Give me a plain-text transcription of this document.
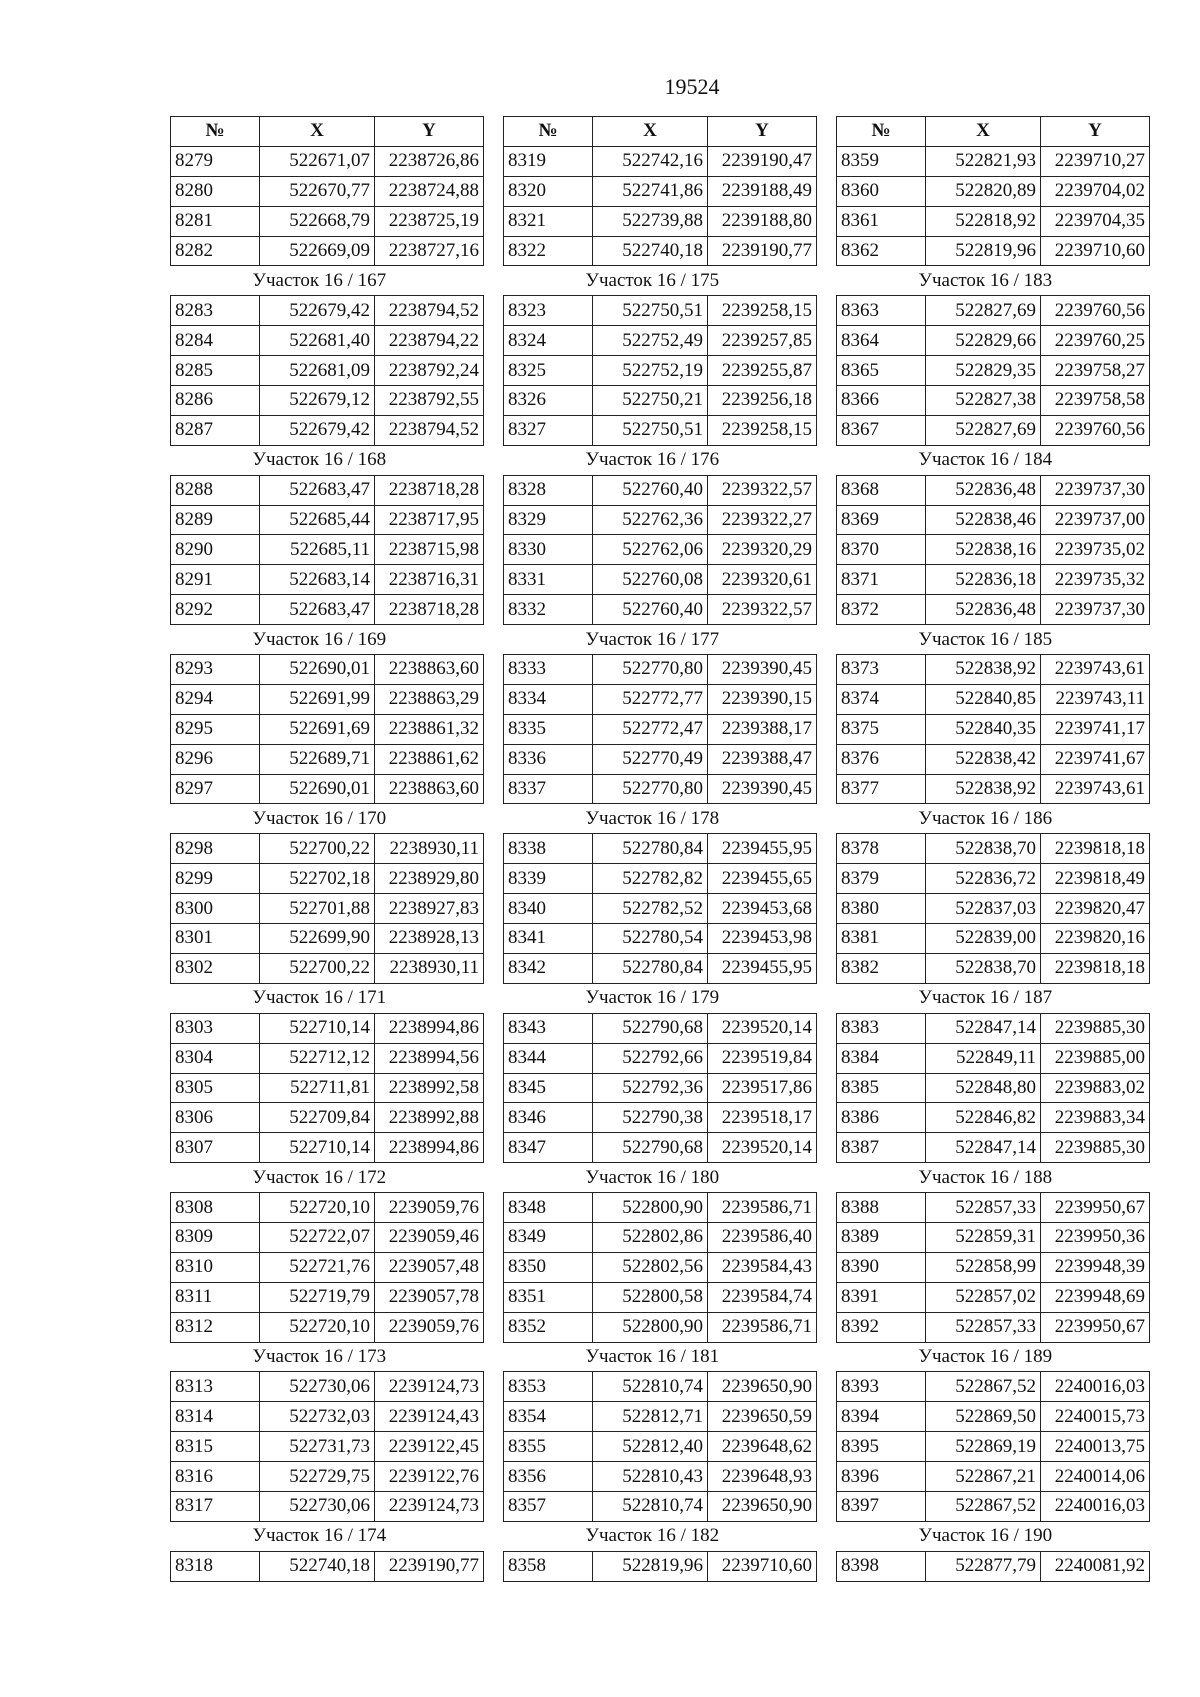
19524
№	X	Y
8279	522671,07	2238726,86
8280	522670,77	2238724,88
8281	522668,79	2238725,19
8282	522669,09	2238727,16
Участок 16 / 167		
8283	522679,42	2238794,52
8284	522681,40	2238794,22
8285	522681,09	2238792,24
8286	522679,12	2238792,55
8287	522679,42	2238794,52
Участок 16 / 168		
8288	522683,47	2238718,28
8289	522685,44	2238717,95
8290	522685,11	2238715,98
8291	522683,14	2238716,31
8292	522683,47	2238718,28
Участок 16 / 169		
8293	522690,01	2238863,60
8294	522691,99	2238863,29
8295	522691,69	2238861,32
8296	522689,71	2238861,62
8297	522690,01	2238863,60
Участок 16 / 170		
8298	522700,22	2238930,11
8299	522702,18	2238929,80
8300	522701,88	2238927,83
8301	522699,90	2238928,13
8302	522700,22	2238930,11
Участок 16 / 171		
8303	522710,14	2238994,86
8304	522712,12	2238994,56
8305	522711,81	2238992,58
8306	522709,84	2238992,88
8307	522710,14	2238994,86
Участок 16 / 172		
8308	522720,10	2239059,76
8309	522722,07	2239059,46
8310	522721,76	2239057,48
8311	522719,79	2239057,78
8312	522720,10	2239059,76
Участок 16 / 173		
8313	522730,06	2239124,73
8314	522732,03	2239124,43
8315	522731,73	2239122,45
8316	522729,75	2239122,76
8317	522730,06	2239124,73
Участок 16 / 174		
8318	522740,18	2239190,77
№	X	Y
8319	522742,16	2239190,47
8320	522741,86	2239188,49
8321	522739,88	2239188,80
8322	522740,18	2239190,77
Участок 16 / 175		
8323	522750,51	2239258,15
8324	522752,49	2239257,85
8325	522752,19	2239255,87
8326	522750,21	2239256,18
8327	522750,51	2239258,15
Участок 16 / 176		
8328	522760,40	2239322,57
8329	522762,36	2239322,27
8330	522762,06	2239320,29
8331	522760,08	2239320,61
8332	522760,40	2239322,57
Участок 16 / 177		
8333	522770,80	2239390,45
8334	522772,77	2239390,15
8335	522772,47	2239388,17
8336	522770,49	2239388,47
8337	522770,80	2239390,45
Участок 16 / 178		
8338	522780,84	2239455,95
8339	522782,82	2239455,65
8340	522782,52	2239453,68
8341	522780,54	2239453,98
8342	522780,84	2239455,95
Участок 16 / 179		
8343	522790,68	2239520,14
8344	522792,66	2239519,84
8345	522792,36	2239517,86
8346	522790,38	2239518,17
8347	522790,68	2239520,14
Участок 16 / 180		
8348	522800,90	2239586,71
8349	522802,86	2239586,40
8350	522802,56	2239584,43
8351	522800,58	2239584,74
8352	522800,90	2239586,71
Участок 16 / 181		
8353	522810,74	2239650,90
8354	522812,71	2239650,59
8355	522812,40	2239648,62
8356	522810,43	2239648,93
8357	522810,74	2239650,90
Участок 16 / 182		
8358	522819,96	2239710,60
№	X	Y
8359	522821,93	2239710,27
8360	522820,89	2239704,02
8361	522818,92	2239704,35
8362	522819,96	2239710,60
Участок 16 / 183		
8363	522827,69	2239760,56
8364	522829,66	2239760,25
8365	522829,35	2239758,27
8366	522827,38	2239758,58
8367	522827,69	2239760,56
Участок 16 / 184		
8368	522836,48	2239737,30
8369	522838,46	2239737,00
8370	522838,16	2239735,02
8371	522836,18	2239735,32
8372	522836,48	2239737,30
Участок 16 / 185		
8373	522838,92	2239743,61
8374	522840,85	2239743,11
8375	522840,35	2239741,17
8376	522838,42	2239741,67
8377	522838,92	2239743,61
Участок 16 / 186		
8378	522838,70	2239818,18
8379	522836,72	2239818,49
8380	522837,03	2239820,47
8381	522839,00	2239820,16
8382	522838,70	2239818,18
Участок 16 / 187		
8383	522847,14	2239885,30
8384	522849,11	2239885,00
8385	522848,80	2239883,02
8386	522846,82	2239883,34
8387	522847,14	2239885,30
Участок 16 / 188		
8388	522857,33	2239950,67
8389	522859,31	2239950,36
8390	522858,99	2239948,39
8391	522857,02	2239948,69
8392	522857,33	2239950,67
Участок 16 / 189		
8393	522867,52	2240016,03
8394	522869,50	2240015,73
8395	522869,19	2240013,75
8396	522867,21	2240014,06
8397	522867,52	2240016,03
Участок 16 / 190		
8398	522877,79	2240081,92
